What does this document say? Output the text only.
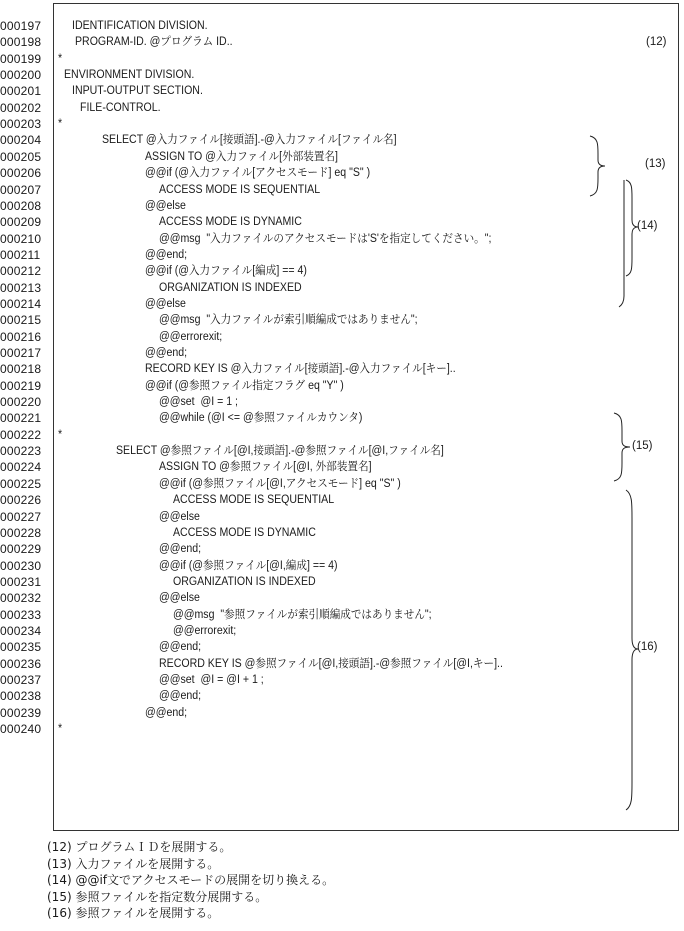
000197	IDENTIFICATION DIVISION.
000198	PROGRAM-ID. @プログラム ID..	(12)
000199	*
000200	ENVIRONMENT DIVISION.
000201	INPUT-OUTPUT SECTION.
000202	FILE-CONTROL.
000203	*
000204	SELECT @入力ファイル[接頭語].-@入力ファイル[ファイル名]
000205	ASSIGN TO @入力ファイル[外部装置名]
000206	@@if (@入力ファイル[アクセスモード] eq "S" )
000207	ACCESS MODE IS SEQUENTIAL
000208	@@else
000209	ACCESS MODE IS DYNAMIC
000210	@@msg  "入力ファイルのアクセスモードは'S'を指定してください。";
000211	@@end;
000212	@@if (@入力ファイル[編成] == 4)
000213	ORGANIZATION IS INDEXED
000214	@@else
000215	@@msg  "入力ファイルが索引順編成ではありません";
000216	@@errorexit;
000217	@@end;
000218	RECORD KEY IS @入力ファイル[接頭語].-@入力ファイル[キー]..
000219	@@if (@参照ファイル指定フラグ eq "Y" )
000220	@@set  @I = 1 ;
000221	@@while (@I <= @参照ファイルカウンタ)
000222	*
000223	SELECT @参照ファイル[@I,接頭語].-@参照ファイル[@I,ファイル名]
000224	ASSIGN TO @参照ファイル[@I, 外部装置名]
000225	@@if (@参照ファイル[@I,アクセスモード] eq "S" )
000226	ACCESS MODE IS SEQUENTIAL
000227	@@else
000228	ACCESS MODE IS DYNAMIC
000229	@@end;
000230	@@if (@参照ファイル[@I,編成] == 4)
000231	ORGANIZATION IS INDEXED
000232	@@else
000233	@@msg  "参照ファイルが索引順編成ではありません";
000234	@@errorexit;
000235	@@end;
000236	RECORD KEY IS @参照ファイル[@I,接頭語].-@参照ファイル[@I,キー]..
000237	@@set  @I = @I + 1 ;
000238	@@end;
000239	@@end;
000240	*
(13)
(14)
(15)
(16)
(12) プログラムＩＤを展開する。
(13) 入力ファイルを展開する。
(14) @@if文でアクセスモードの展開を切り換える。
(15) 参照ファイルを指定数分展開する。
(16) 参照ファイルを展開する。
